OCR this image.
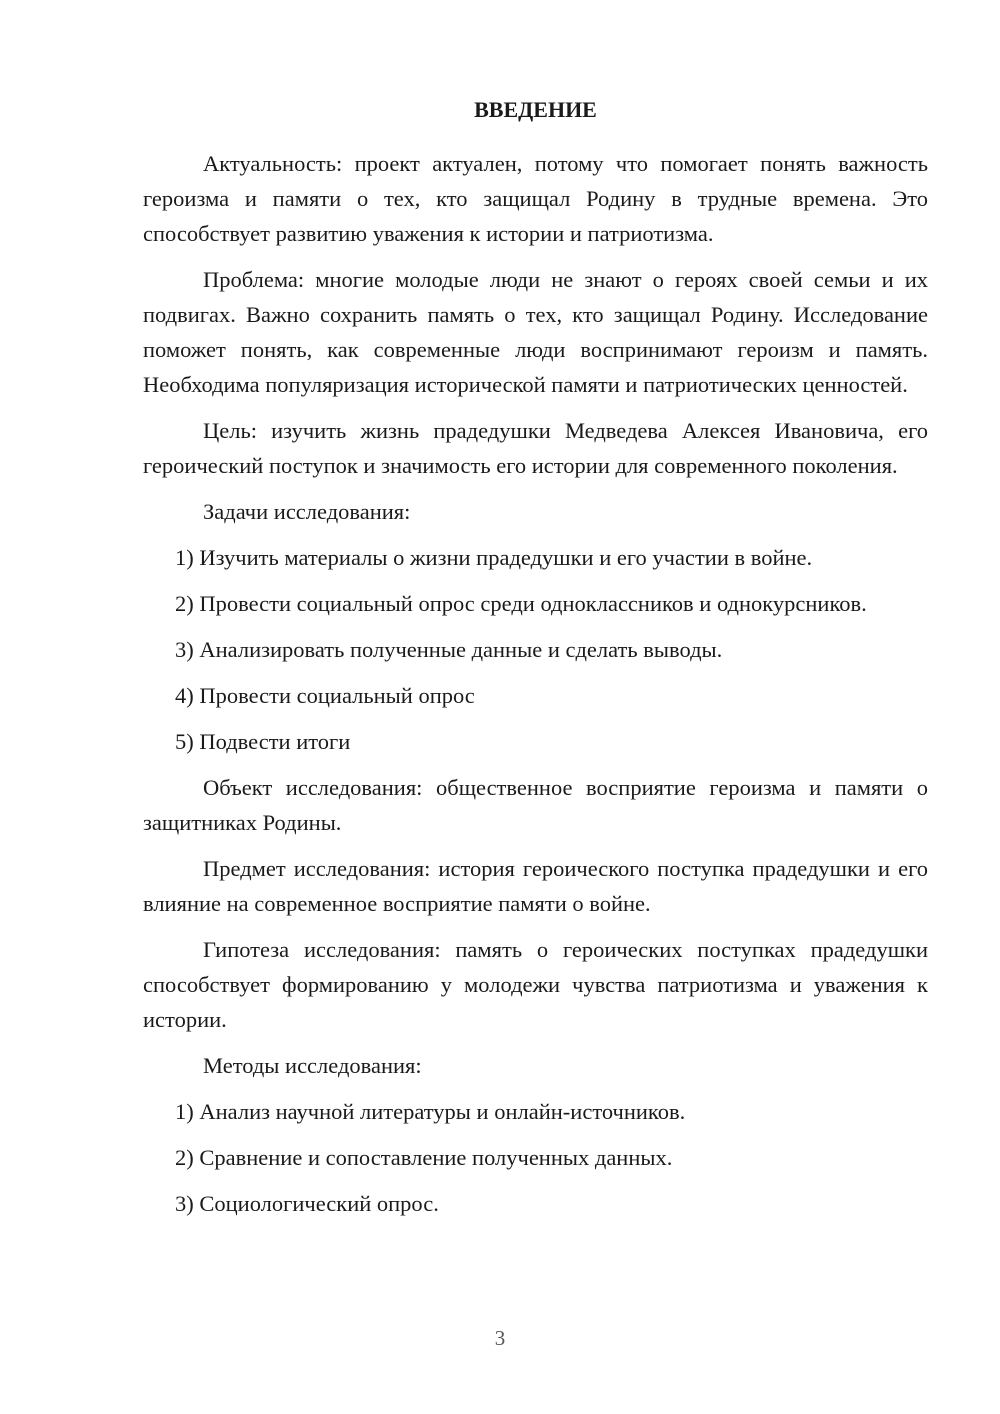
ВВЕДЕНИЕ

Актуальность: проект актуален, потому что помогает понять важность героизма и памяти о тех, кто защищал Родину в трудные времена. Это способствует развитию уважения к истории и патриотизма.

Проблема: многие молодые люди не знают о героях своей семьи и их подвигах. Важно сохранить память о тех, кто защищал Родину. Исследование поможет понять, как современные люди воспринимают героизм и память. Необходима популяризация исторической памяти и патриотических ценностей.

Цель: изучить жизнь прадедушки Медведева Алексея Ивановича, его героический поступок и значимость его истории для современного поколения.

Задачи исследования:

1) Изучить материалы о жизни прадедушки и его участии в войне.

2) Провести социальный опрос среди одноклассников и однокурсников.

3) Анализировать полученные данные и сделать выводы.

4) Провести социальный опрос

5) Подвести итоги

Объект исследования: общественное восприятие героизма и памяти о защитниках Родины.

Предмет исследования: история героического поступка прадедушки и его влияние на современное восприятие памяти о войне.

Гипотеза исследования: память о героических поступках прадедушки способствует формированию у молодежи чувства патриотизма и уважения к истории.

Методы исследования:

1) Анализ научной литературы и онлайн-источников.

2) Сравнение и сопоставление полученных данных.

3) Социологический опрос.

3
